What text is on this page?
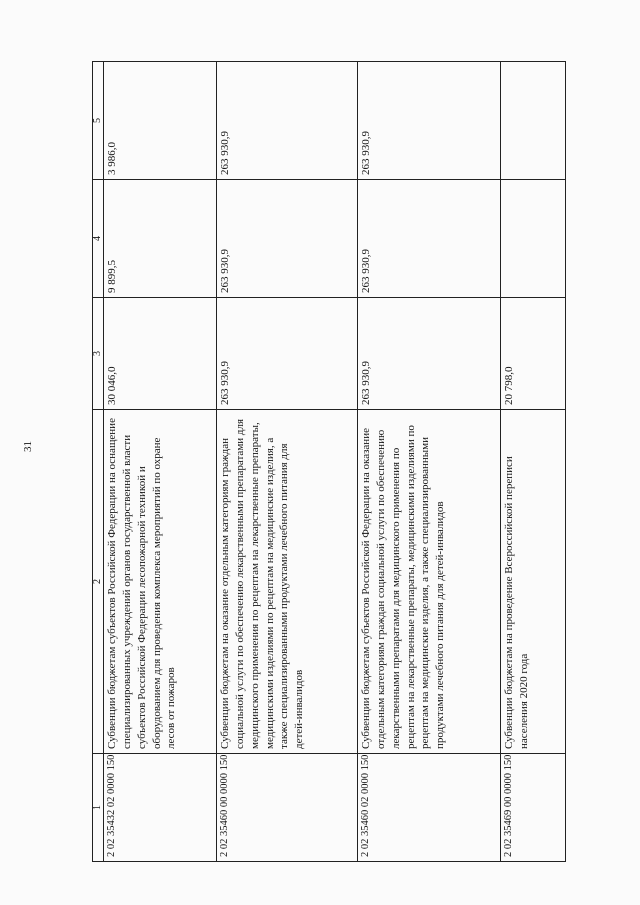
31
1	2	3	4	5
2 02 35432 02 0000 150	Субвенции бюджетам субъектов Российской Федерации на оснащение специализированных учреждений органов государственной власти субъектов Российской Федерации лесопожарной техникой и оборудованием для проведения комплекса мероприятий по охране лесов от пожаров	30 046,0	9 899,5	3 986,0
2 02 35460 00 0000 150	Субвенции бюджетам на оказание отдельным категориям граждан социальной услуги по обеспечению лекарственными препаратами для медицинского применения по рецептам на лекарственные препараты, медицинскими изделиями по рецептам на медицинские изделия, а также специализированными продуктами лечебного питания для детей-инвалидов	263 930,9	263 930,9	263 930,9
2 02 35460 02 0000 150	Субвенции бюджетам субъектов Российской Федерации на оказание отдельным категориям граждан социальной услуги по обеспечению лекарственными препаратами для медицинского применения по рецептам на лекарственные препараты, медицинскими изделиями по рецептам на медицинские изделия, а также специализированными продуктами лечебного питания для детей-инвалидов	263 930,9	263 930,9	263 930,9
2 02 35469 00 0000 150	Субвенции бюджетам на проведение Всероссийской переписи населения 2020 года	20 798,0		
